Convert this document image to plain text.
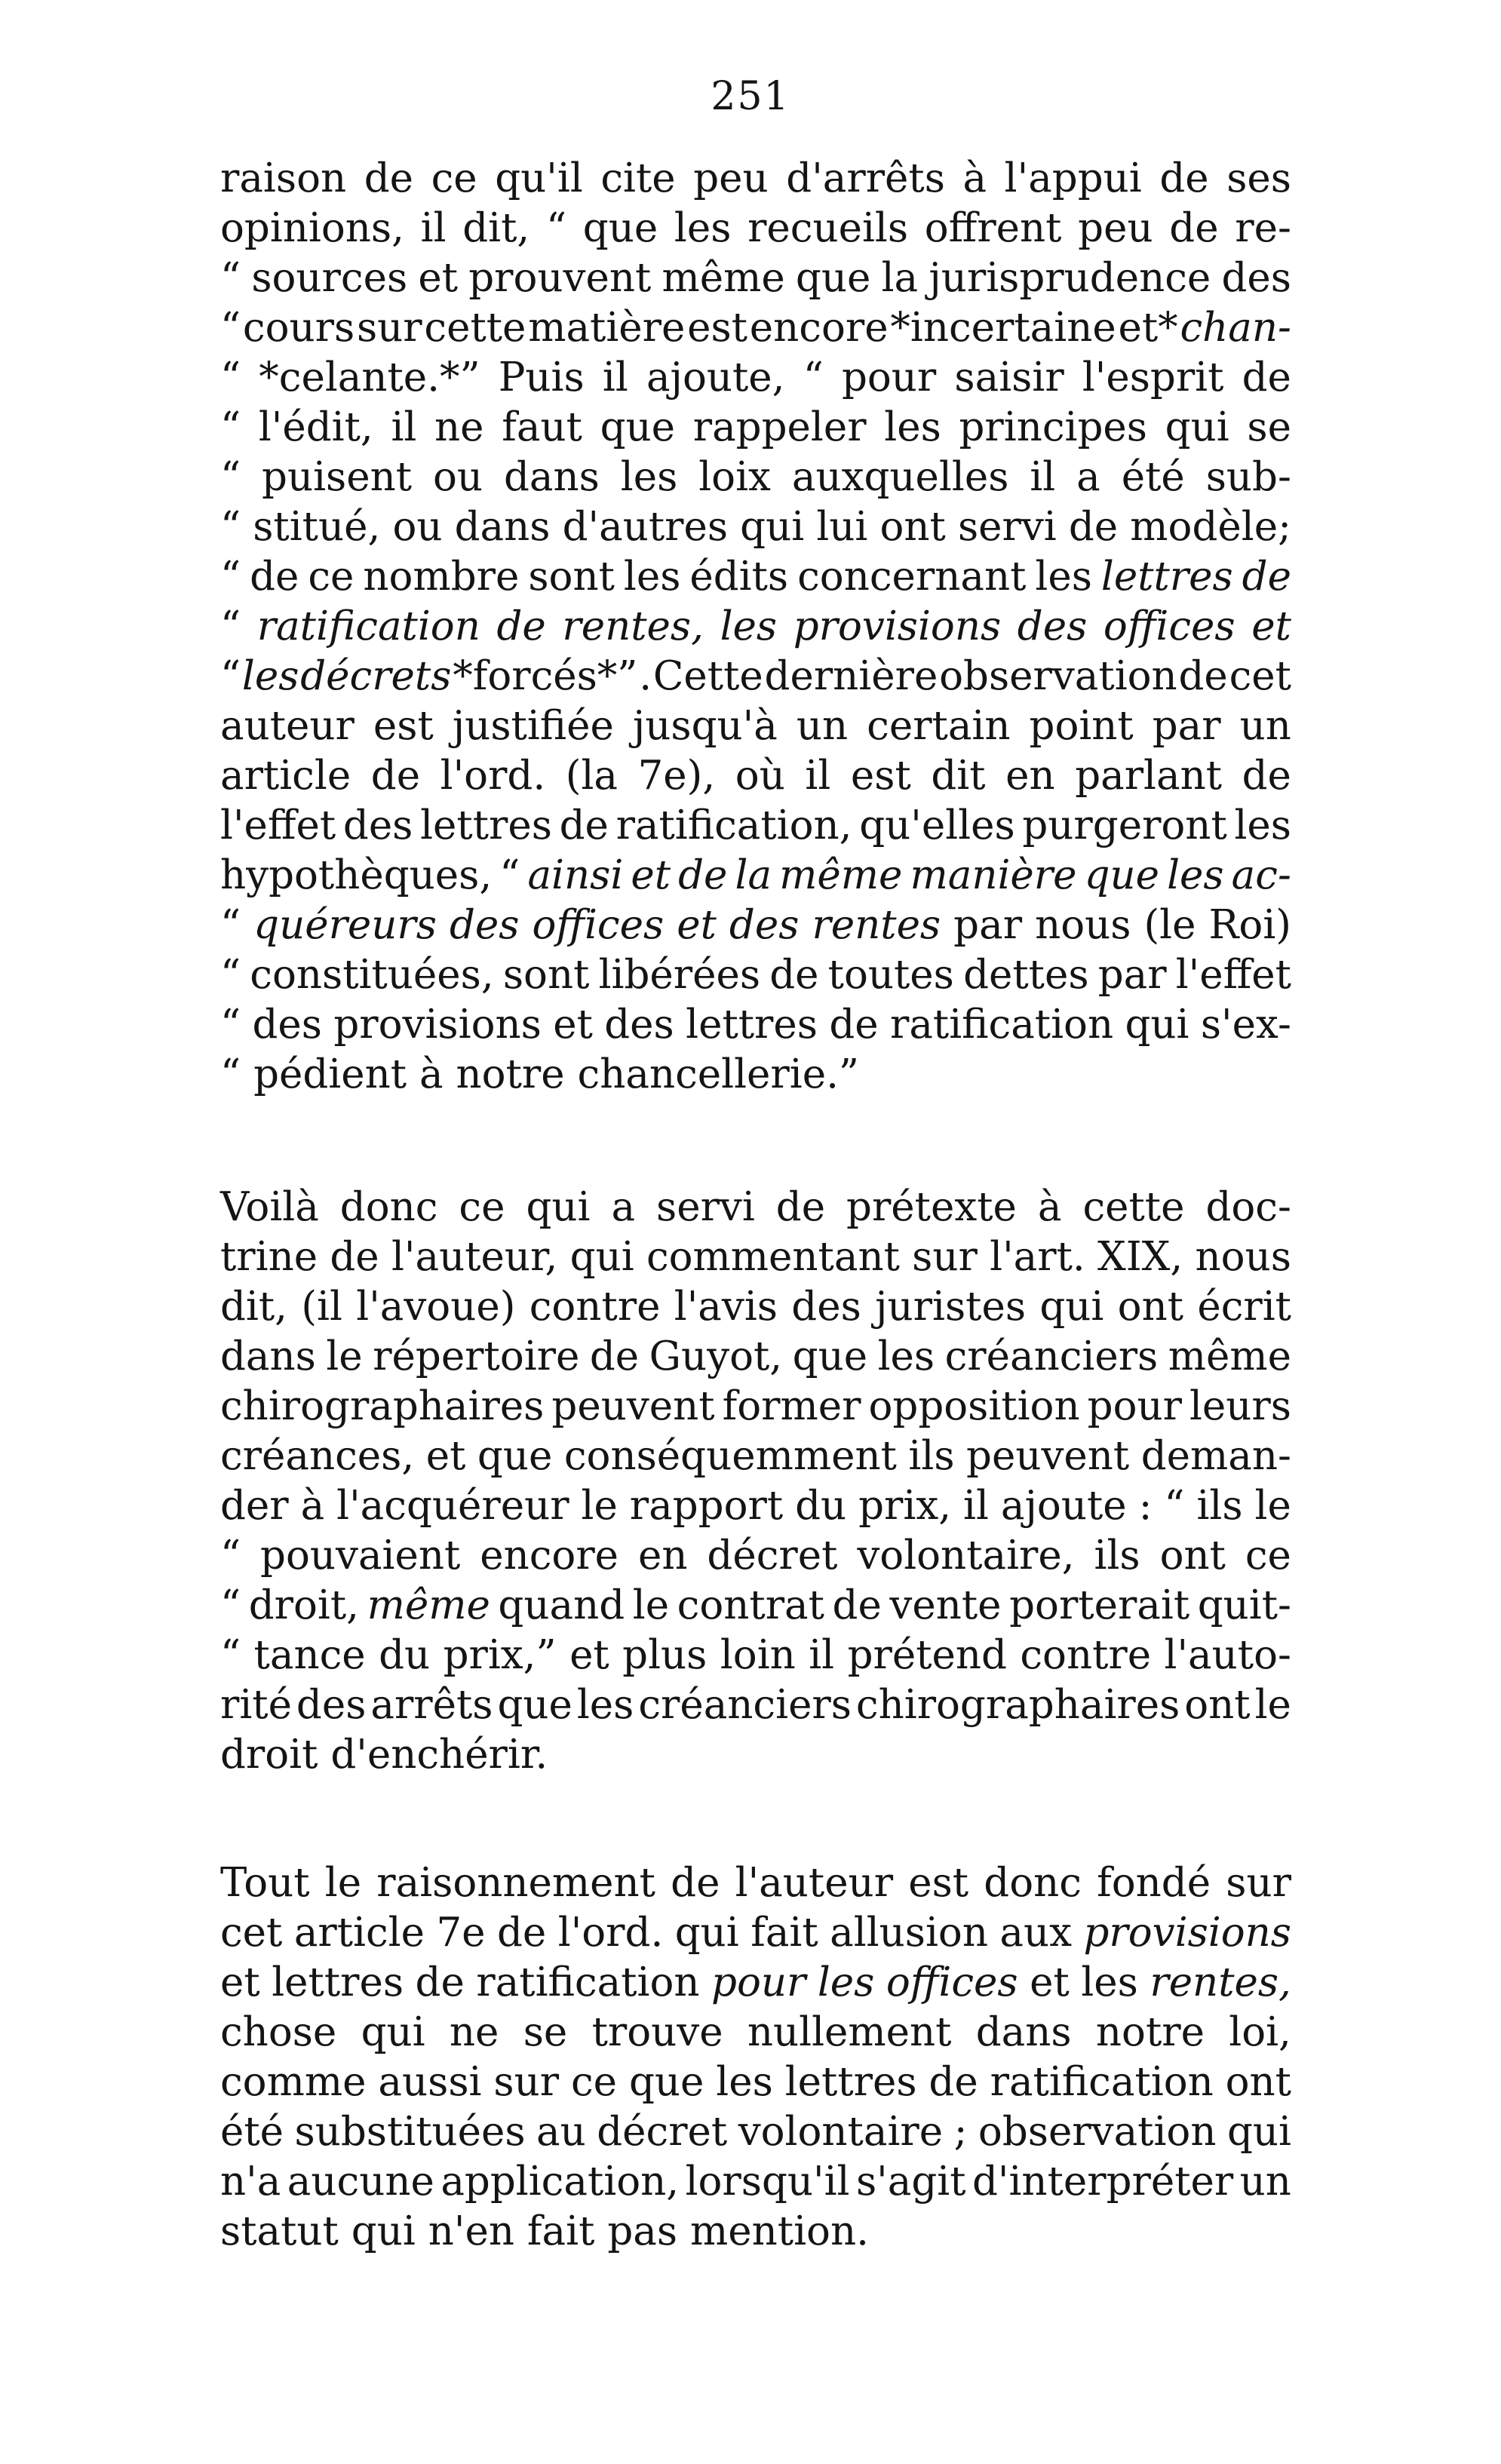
251
raison de ce qu'il cite peu d'arrêts à l'appui de ses
opinions, il dit, “ que les recueils offrent peu de re-
“ sources et prouvent même que la jurisprudence des
“ cours sur cette matière est encore *incertaine et* chan-
“ *celante.*” Puis il ajoute, “ pour saisir l'esprit de
“ l'édit, il ne faut que rappeler les principes qui se
“ puisent ou dans les loix auxquelles il a été sub-
“ stitué, ou dans d'autres qui lui ont servi de modèle;
“ de ce nombre sont les édits concernant les lettres de
“ ratification de rentes, les provisions des offices et
“ les décrets *forcés*” . Cette dernière observation de cet
auteur est justifiée jusqu'à un certain point par un
article de l'ord. (la 7e), où il est dit en parlant de
l'effet des lettres de ratification, qu'elles purgeront les
hypothèques, “ ainsi et de la même manière que les ac-
“ quéreurs des offices et des rentes par nous (le Roi)
“ constituées, sont libérées de toutes dettes par l'effet
“ des provisions et des lettres de ratification qui s'ex-
“ pédient à notre chancellerie.”
Voilà donc ce qui a servi de prétexte à cette doc-
trine de l'auteur, qui commentant sur l'art. XIX, nous
dit, (il l'avoue) contre l'avis des juristes qui ont écrit
dans le répertoire de Guyot, que les créanciers même
chirographaires peuvent former opposition pour leurs
créances, et que conséquemment ils peuvent deman-
der à l'acquéreur le rapport du prix, il ajoute : “ ils le
“ pouvaient encore en décret volontaire, ils ont ce
“ droit, même quand le contrat de vente porterait quit-
“ tance du prix,” et plus loin il prétend contre l'auto-
rité des arrêts que les créanciers chirographaires ont le
droit d'enchérir.
Tout le raisonnement de l'auteur est donc fondé sur
cet article 7e de l'ord. qui fait allusion aux provisions
et lettres de ratification pour les offices et les rentes,
chose qui ne se trouve nullement dans notre loi,
comme aussi sur ce que les lettres de ratification ont
été substituées au décret volontaire ; observation qui
n'a aucune application, lorsqu'il s'agit d'interpréter un
statut qui n'en fait pas mention.
